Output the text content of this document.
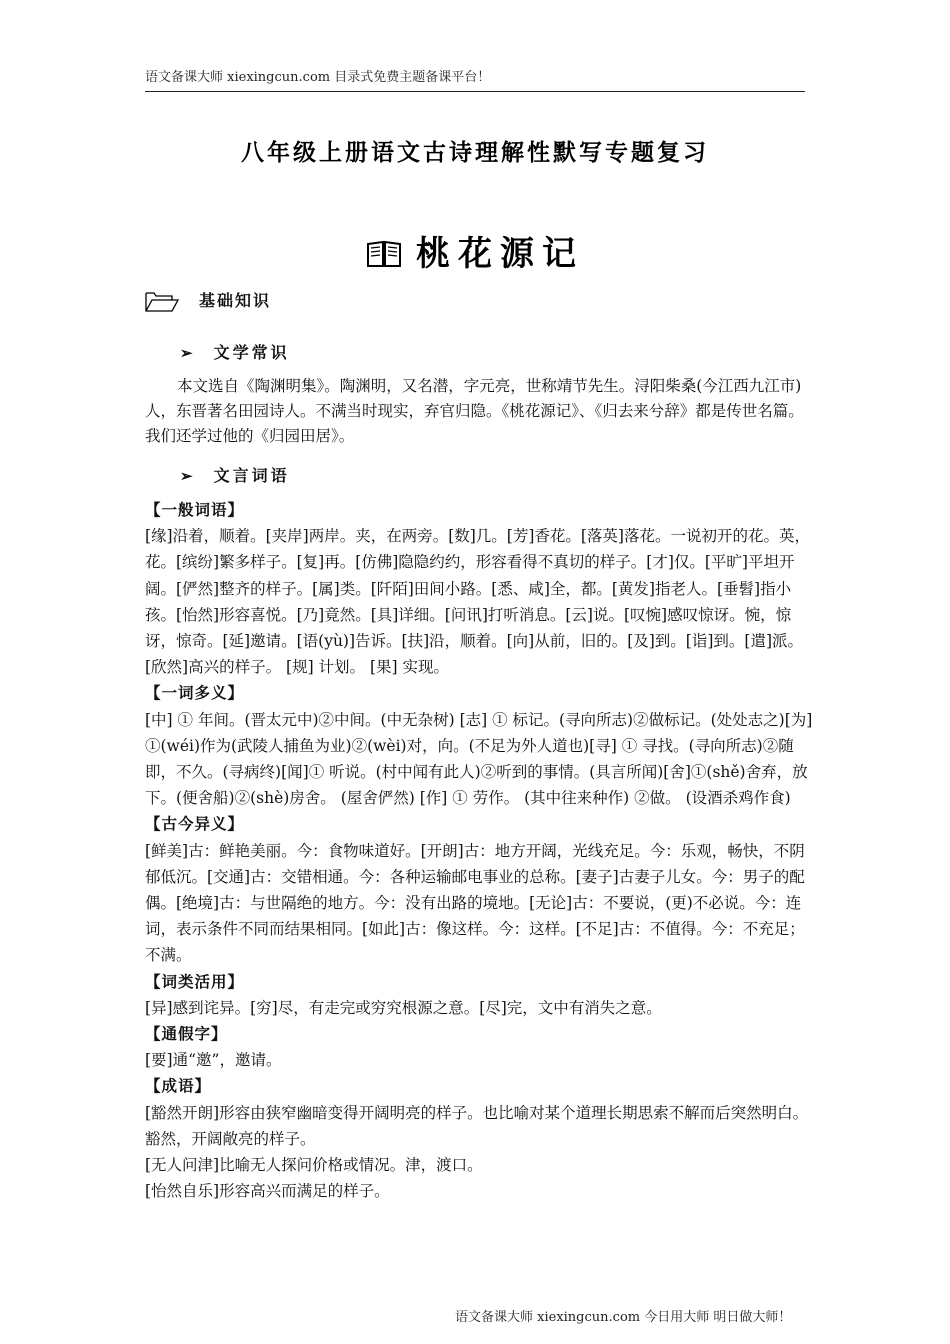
语文备课大师 xiexingcun.com 目录式免费主题备课平台！
八年级上册语文古诗理解性默写专题复习
桃花源记
基础知识
➢ 文学常识
本文选自《陶渊明集》。陶渊明，又名潜，字元亮，世称靖节先生。浔阳柴桑(今江西九江市)人，东晋著名田园诗人。不满当时现实，弃官归隐。《桃花源记》、《归去来兮辞》都是传世名篇。我们还学过他的《归园田居》。
➢ 文言词语

【一般词语】

[缘]沿着，顺着。[夹岸]两岸。夹，在两旁。[数]几。[芳]香花。[落英]落花。一说初开的花。英，花。[缤纷]繁多样子。[复]再。[仿佛]隐隐约约，形容看得不真切的样子。[才]仅。[平旷]平坦开阔。[俨然]整齐的样子。[属]类。[阡陌]田间小路。[悉、咸]全，都。[黄发]指老人。[垂髫]指小孩。[怡然]形容喜悦。[乃]竟然。[具]详细。[问讯]打听消息。[云]说。[叹惋]感叹惊讶。惋，惊讶，惊奇。[延]邀请。[语(yù)]告诉。[扶]沿，顺着。[向]从前，旧的。[及]到。[诣]到。[遣]派。[欣然]高兴的样子。 [规] 计划。 [果] 实现。

【一词多义】

[中] ① 年间。(晋太元中)②中间。(中无杂树) [志] ① 标记。(寻向所志)②做标记。(处处志之)[为] ①(wéi)作为(武陵人捕鱼为业)②(wèi)对，向。(不足为外人道也)[寻] ① 寻找。(寻向所志)②随即，不久。(寻病终)[闻]① 听说。(村中闻有此人)②听到的事情。(具言所闻)[舍]①(shě)舍弃，放下。(便舍船)②(shè)房舍。 (屋舍俨然) [作] ① 劳作。 (其中往来种作) ②做。 (设酒杀鸡作食)

【古今异义】

[鲜美]古：鲜艳美丽。今：食物味道好。[开朗]古：地方开阔，光线充足。今：乐观，畅快，不阴郁低沉。[交通]古：交错相通。今：各种运输邮电事业的总称。[妻子]古妻子儿女。今：男子的配偶。[绝境]古：与世隔绝的地方。今：没有出路的境地。[无论]古：不要说，(更)不必说。今：连词，表示条件不同而结果相同。[如此]古：像这样。今：这样。[不足]古：不值得。今：不充足；不满。

【词类活用】

[异]感到诧异。[穷]尽，有走完或穷究根源之意。[尽]完，文中有消失之意。

【通假字】

[要]通“邀”，邀请。

【成语】

[豁然开朗]形容由狭窄幽暗变得开阔明亮的样子。也比喻对某个道理长期思索不解而后突然明白。豁然，开阔敞亮的样子。

[无人问津]比喻无人探问价格或情况。津，渡口。

[怡然自乐]形容高兴而满足的样子。

语文备课大师 xiexingcun.com 今日用大师 明日做大师！
